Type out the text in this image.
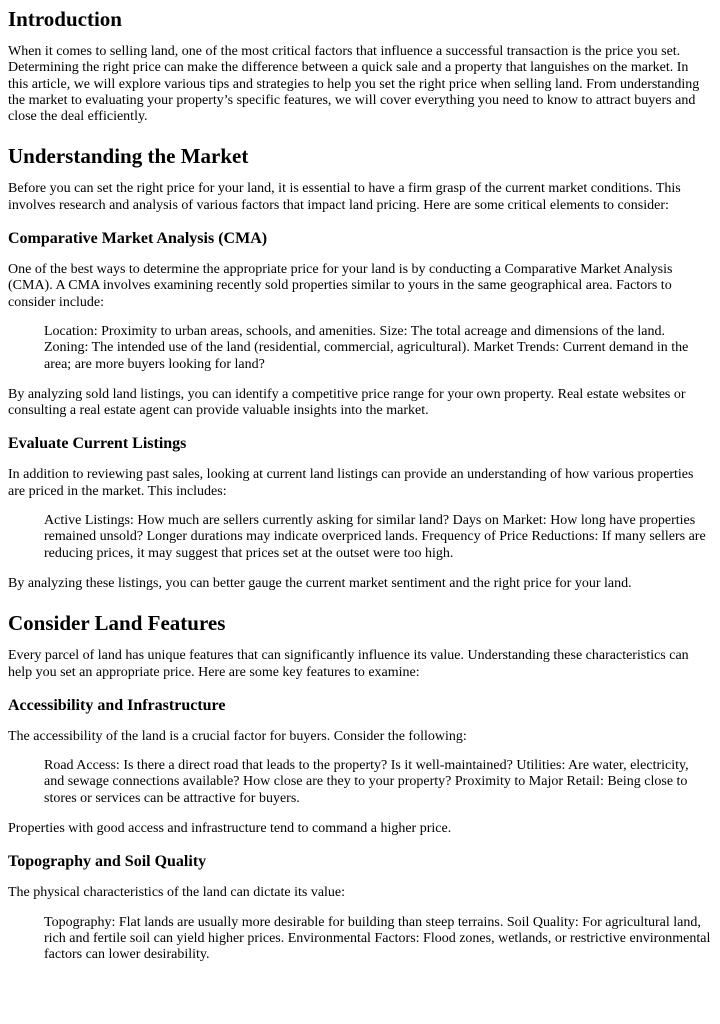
Introduction

When it comes to selling land, one of the most critical factors that influence a successful transaction is the price you set. Determining the right price can make the difference between a quick sale and a property that languishes on the market. In this article, we will explore various tips and strategies to help you set the right price when selling land. From understanding the market to evaluating your property’s specific features, we will cover everything you need to know to attract buyers and close the deal efficiently.

Understanding the Market

Before you can set the right price for your land, it is essential to have a firm grasp of the current market conditions. This involves research and analysis of various factors that impact land pricing. Here are some critical elements to consider:

Comparative Market Analysis (CMA)

One of the best ways to determine the appropriate price for your land is by conducting a Comparative Market Analysis (CMA). A CMA involves examining recently sold properties similar to yours in the same geographical area. Factors to consider include:

Location: Proximity to urban areas, schools, and amenities. Size: The total acreage and dimensions of the land. Zoning: The intended use of the land (residential, commercial, agricultural). Market Trends: Current demand in the area; are more buyers looking for land?

By analyzing sold land listings, you can identify a competitive price range for your own property. Real estate websites or consulting a real estate agent can provide valuable insights into the market.

Evaluate Current Listings

In addition to reviewing past sales, looking at current land listings can provide an understanding of how various properties are priced in the market. This includes:

Active Listings: How much are sellers currently asking for similar land? Days on Market: How long have properties remained unsold? Longer durations may indicate overpriced lands. Frequency of Price Reductions: If many sellers are reducing prices, it may suggest that prices set at the outset were too high.

By analyzing these listings, you can better gauge the current market sentiment and the right price for your land.

Consider Land Features

Every parcel of land has unique features that can significantly influence its value. Understanding these characteristics can help you set an appropriate price. Here are some key features to examine:

Accessibility and Infrastructure

The accessibility of the land is a crucial factor for buyers. Consider the following:

Road Access: Is there a direct road that leads to the property? Is it well-maintained? Utilities: Are water, electricity, and sewage connections available? How close are they to your property? Proximity to Major Retail: Being close to stores or services can be attractive for buyers.

Properties with good access and infrastructure tend to command a higher price.

Topography and Soil Quality

The physical characteristics of the land can dictate its value:

Topography: Flat lands are usually more desirable for building than steep terrains. Soil Quality: For agricultural land, rich and fertile soil can yield higher prices. Environmental Factors: Flood zones, wetlands, or restrictive environmental factors can lower desirability.
